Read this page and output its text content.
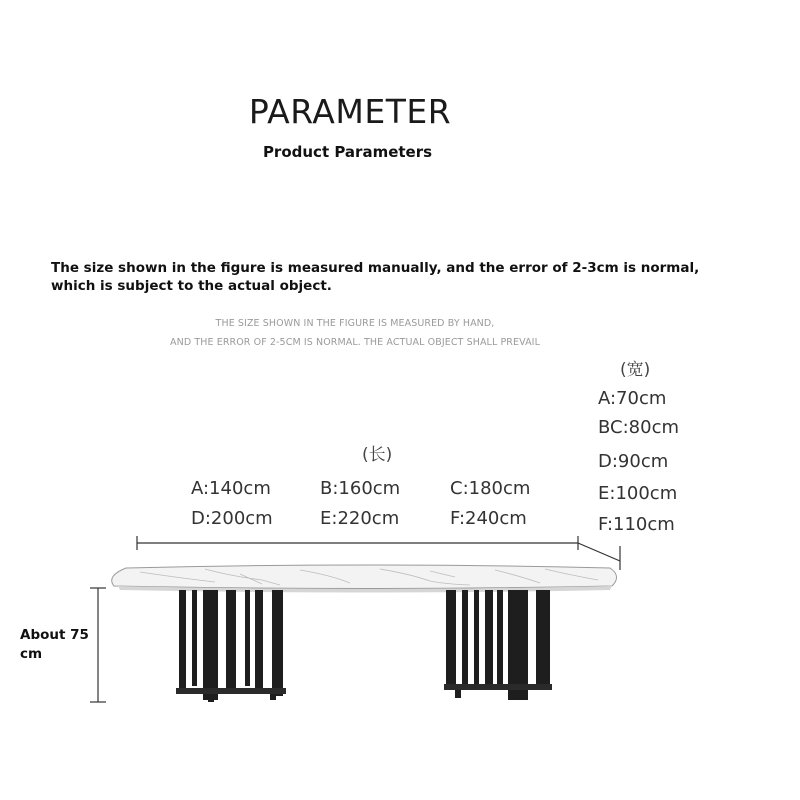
PARAMETER
Product Parameters
The size shown in the figure is measured manually, and the error of 2-3cm is normal,
which is subject to the actual object.
THE SIZE SHOWN IN THE FIGURE IS MEASURED BY HAND,
AND THE ERROR OF 2-5CM IS NORMAL. THE ACTUAL OBJECT SHALL PREVAIL
(宽)
A:70cm
BC:80cm
D:90cm
E:100cm
F:110cm
(长)
A:140cm	B:160cm	C:180cm
D:200cm	E:220cm	F:240cm
About 75
cm
